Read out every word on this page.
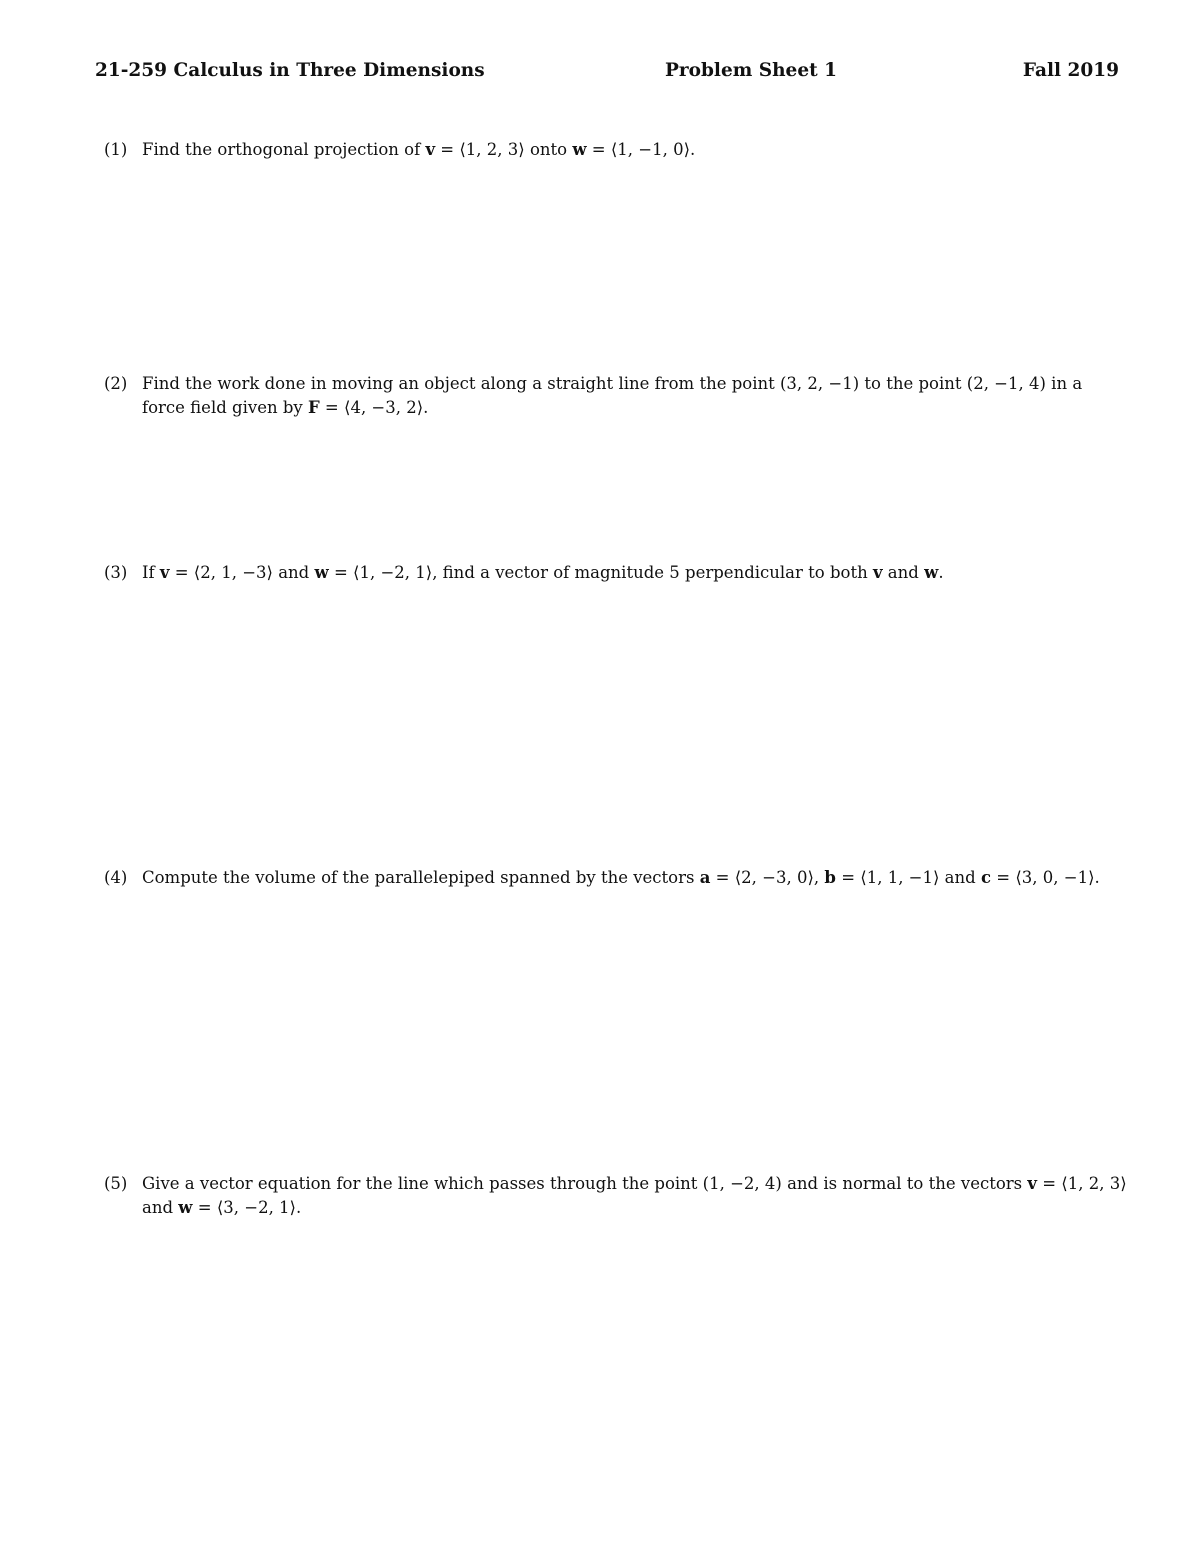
21-259 Calculus in Three Dimensions	Problem Sheet 1	Fall 2019
(1) Find the orthogonal projection of v = ⟨1, 2, 3⟩ onto w = ⟨1, −1, 0⟩.
(2) Find the work done in moving an object along a straight line from the point (3, 2, −1) to the point (2, −1, 4) in a
force field given by F = ⟨4, −3, 2⟩.
(3) If v = ⟨2, 1, −3⟩ and w = ⟨1, −2, 1⟩, find a vector of magnitude 5 perpendicular to both v and w.
(4) Compute the volume of the parallelepiped spanned by the vectors a = ⟨2, −3, 0⟩, b = ⟨1, 1, −1⟩ and c = ⟨3, 0, −1⟩.
(5) Give a vector equation for the line which passes through the point (1, −2, 4) and is normal to the vectors v = ⟨1, 2, 3⟩
and w = ⟨3, −2, 1⟩.
